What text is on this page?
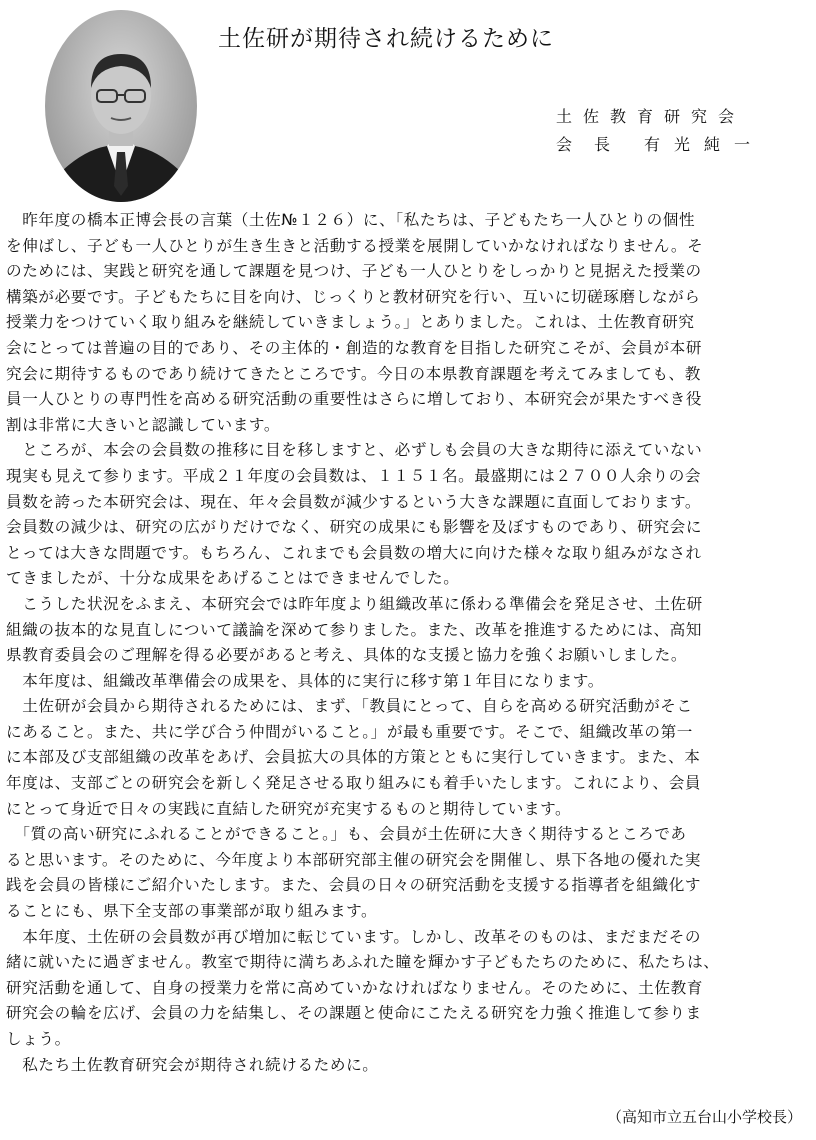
土佐研が期待され続けるために
土佐教育研究会
会長 有光純一
　昨年度の橋本正博会長の言葉（土佐№１２６）に、「私たちは、子どもたち一人ひとりの個性
を伸ばし、子ども一人ひとりが生き生きと活動する授業を展開していかなければなりません。そ
のためには、実践と研究を通して課題を見つけ、子ども一人ひとりをしっかりと見据えた授業の
構築が必要です。子どもたちに目を向け、じっくりと教材研究を行い、互いに切磋琢磨しながら
授業力をつけていく取り組みを継続していきましょう。」とありました。これは、土佐教育研究
会にとっては普遍の目的であり、その主体的・創造的な教育を目指した研究こそが、会員が本研
究会に期待するものであり続けてきたところです。今日の本県教育課題を考えてみましても、教
員一人ひとりの専門性を高める研究活動の重要性はさらに増しており、本研究会が果たすべき役
割は非常に大きいと認識しています。
　ところが、本会の会員数の推移に目を移しますと、必ずしも会員の大きな期待に添えていない
現実も見えて参ります。平成２１年度の会員数は、１１５１名。最盛期には２７００人余りの会
員数を誇った本研究会は、現在、年々会員数が減少するという大きな課題に直面しております。
会員数の減少は、研究の広がりだけでなく、研究の成果にも影響を及ぼすものであり、研究会に
とっては大きな問題です。もちろん、これまでも会員数の増大に向けた様々な取り組みがなされ
てきましたが、十分な成果をあげることはできませんでした。
　こうした状況をふまえ、本研究会では昨年度より組織改革に係わる準備会を発足させ、土佐研
組織の抜本的な見直しについて議論を深めて参りました。また、改革を推進するためには、高知
県教育委員会のご理解を得る必要があると考え、具体的な支援と協力を強くお願いしました。
　本年度は、組織改革準備会の成果を、具体的に実行に移す第１年目になります。
　土佐研が会員から期待されるためには、まず、「教員にとって、自らを高める研究活動がそこ
にあること。また、共に学び合う仲間がいること。」が最も重要です。そこで、組織改革の第一
に本部及び支部組織の改革をあげ、会員拡大の具体的方策とともに実行していきます。また、本
年度は、支部ごとの研究会を新しく発足させる取り組みにも着手いたします。これにより、会員
にとって身近で日々の実践に直結した研究が充実するものと期待しています。
　「質の高い研究にふれることができること。」も、会員が土佐研に大きく期待するところであ
ると思います。そのために、今年度より本部研究部主催の研究会を開催し、県下各地の優れた実
践を会員の皆様にご紹介いたします。また、会員の日々の研究活動を支援する指導者を組織化す
ることにも、県下全支部の事業部が取り組みます。
　本年度、土佐研の会員数が再び増加に転じています。しかし、改革そのものは、まだまだその
緒に就いたに過ぎません。教室で期待に満ちあふれた瞳を輝かす子どもたちのために、私たちは、
研究活動を通して、自身の授業力を常に高めていかなければなりません。そのために、土佐教育
研究会の輪を広げ、会員の力を結集し、その課題と使命にこたえる研究を力強く推進して参りま
しょう。
　私たち土佐教育研究会が期待され続けるために。
（高知市立五台山小学校長）
